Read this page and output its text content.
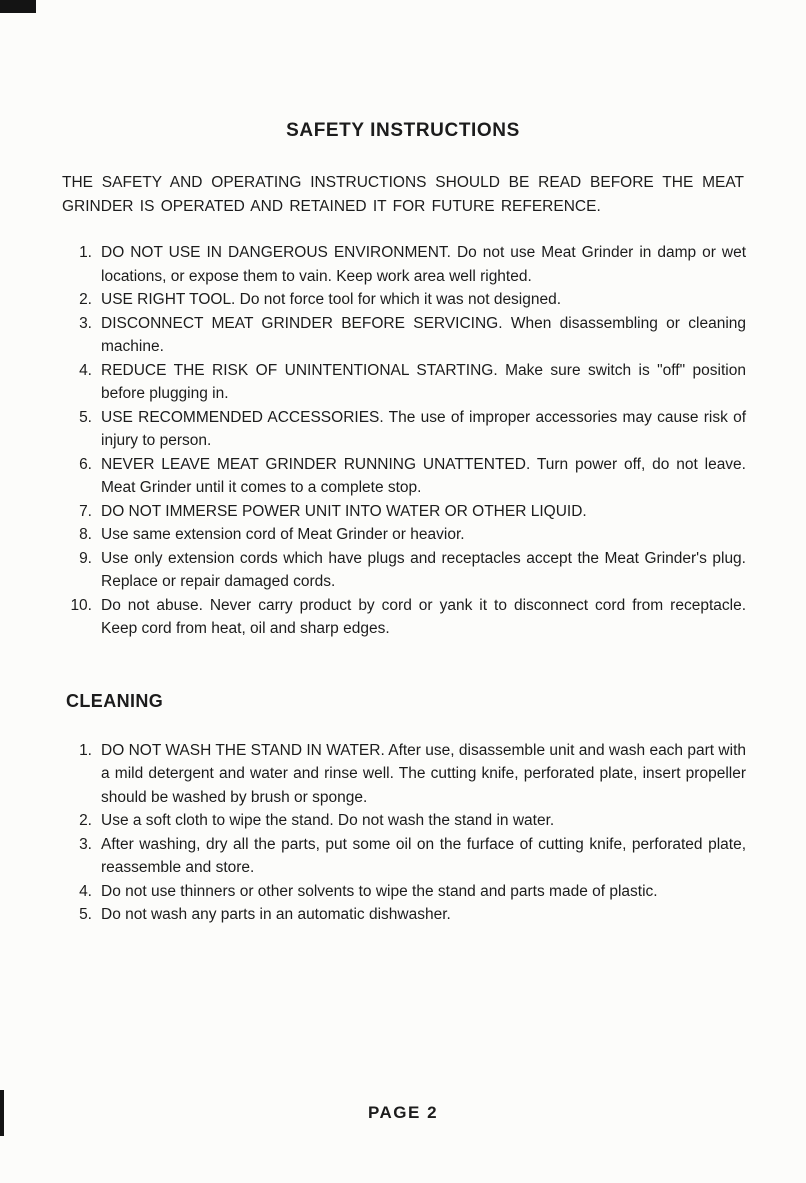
SAFETY INSTRUCTIONS

THE SAFETY AND OPERATING INSTRUCTIONS SHOULD BE READ BEFORE THE MEAT GRINDER IS OPERATED AND RETAINED IT FOR FUTURE REFERENCE.

1. DO NOT USE IN DANGEROUS ENVIRONMENT. Do not use Meat Grinder in damp or wet locations, or expose them to vain. Keep work area well righted.
2. USE RIGHT TOOL. Do not force tool for which it was not designed.
3. DISCONNECT MEAT GRINDER BEFORE SERVICING. When disassembling or cleaning machine.
4. REDUCE THE RISK OF UNINTENTIONAL STARTING. Make sure switch is "off" position before plugging in.
5. USE RECOMMENDED ACCESSORIES. The use of improper accessories may cause risk of injury to person.
6. NEVER LEAVE MEAT GRINDER RUNNING UNATTENTED. Turn power off, do not leave. Meat Grinder until it comes to a complete stop.
7. DO NOT IMMERSE POWER UNIT INTO WATER OR OTHER LIQUID.
8. Use same extension cord of Meat Grinder or heavior.
9. Use only extension cords which have plugs and receptacles accept the Meat Grinder's plug. Replace or repair damaged cords.
10. Do not abuse. Never carry product by cord or yank it to disconnect cord from receptacle. Keep cord from heat, oil and sharp edges.
CLEANING
1. DO NOT WASH THE STAND IN WATER. After use, disassemble unit and wash each part with a mild detergent and water and rinse well. The cutting knife, perforated plate, insert propeller should be washed by brush or sponge.
2. Use a soft cloth to wipe the stand. Do not wash the stand in water.
3. After washing, dry all the parts, put some oil on the furface of cutting knife, perforated plate, reassemble and store.
4. Do not use thinners or other solvents to wipe the stand and parts made of plastic.
5. Do not wash any parts in an automatic dishwasher.
PAGE 2
